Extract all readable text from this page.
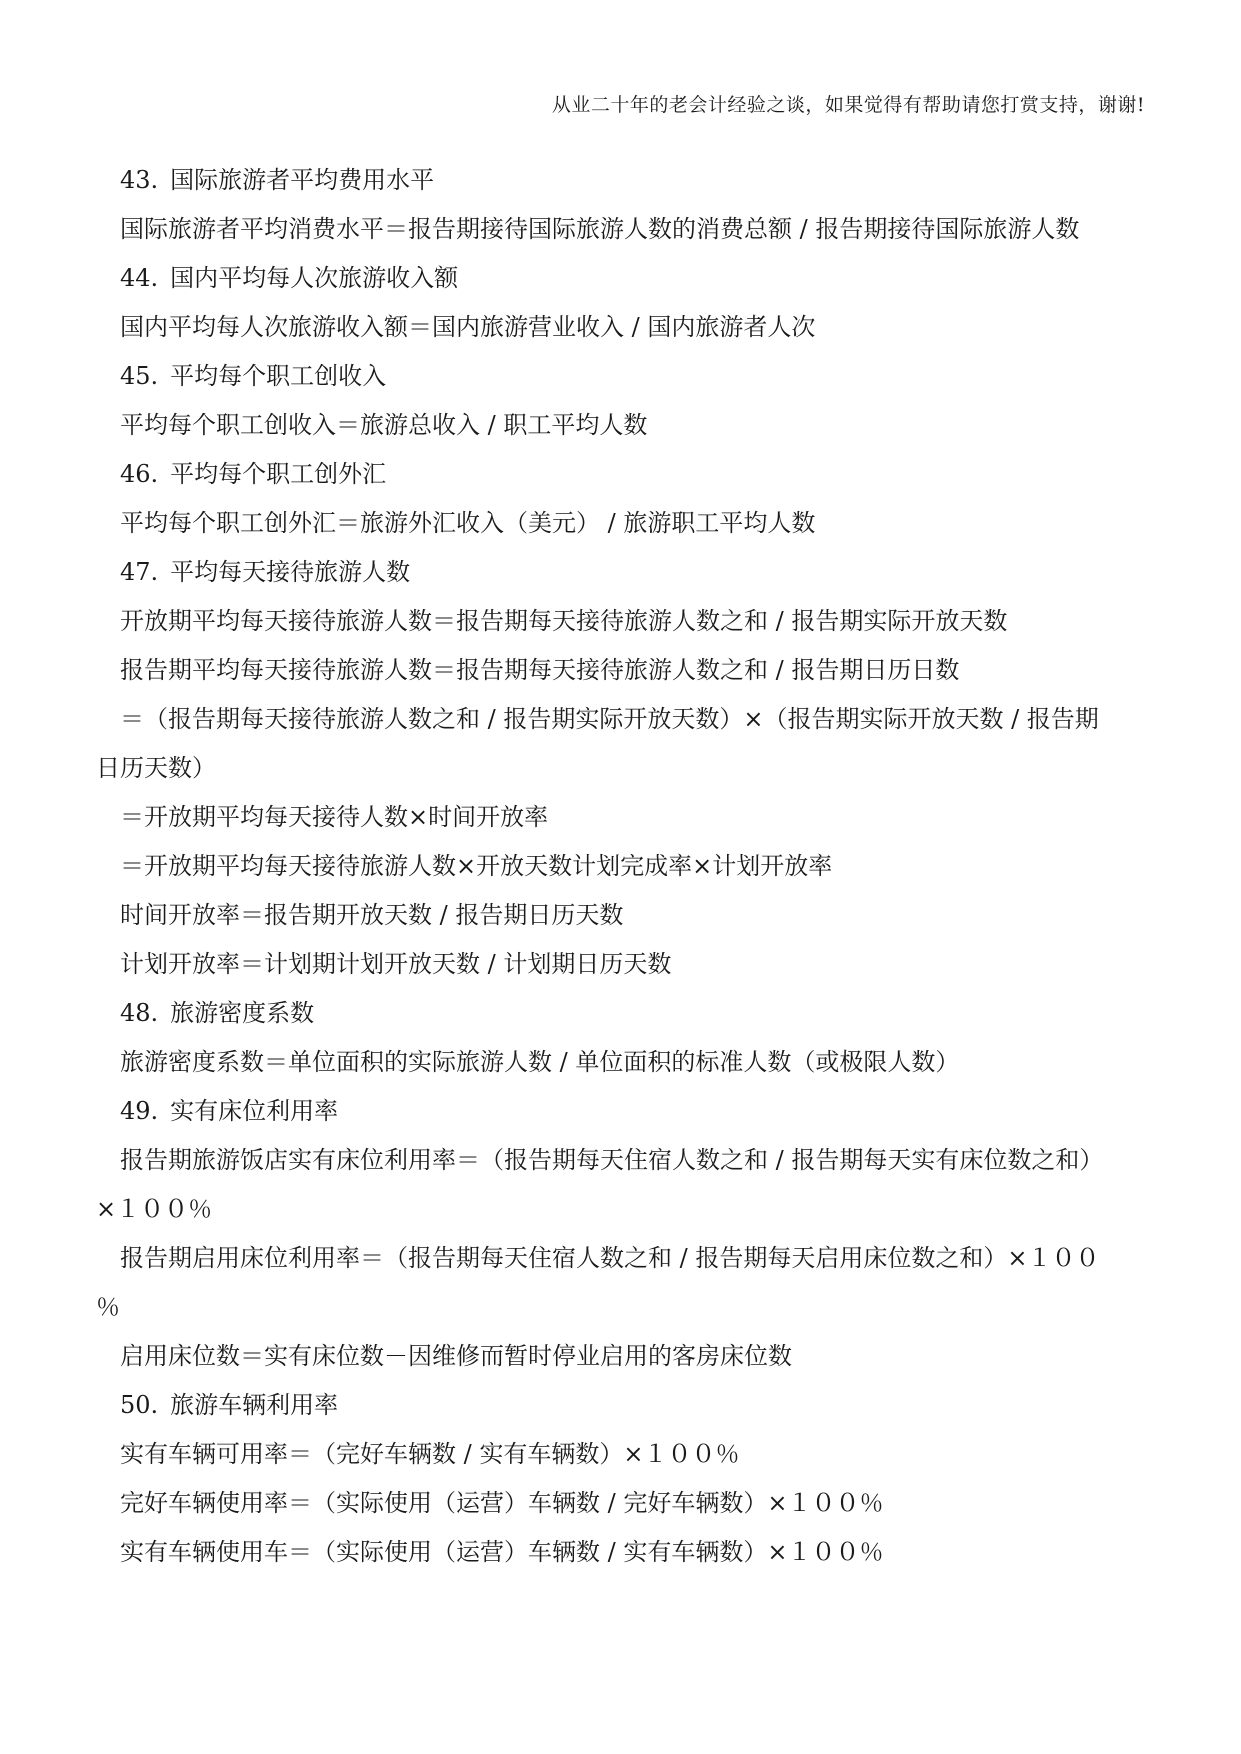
从业二十年的老会计经验之谈，如果觉得有帮助请您打赏支持，谢谢!

43. 国际旅游者平均费用水平

国际旅游者平均消费水平＝报告期接待国际旅游人数的消费总额 / 报告期接待国际旅游人数

44. 国内平均每人次旅游收入额

国内平均每人次旅游收入额＝国内旅游营业收入 / 国内旅游者人次

45. 平均每个职工创收入

平均每个职工创收入＝旅游总收入 / 职工平均人数

46. 平均每个职工创外汇

平均每个职工创外汇＝旅游外汇收入（美元） / 旅游职工平均人数

47. 平均每天接待旅游人数

开放期平均每天接待旅游人数＝报告期每天接待旅游人数之和 / 报告期实际开放天数

报告期平均每天接待旅游人数＝报告期每天接待旅游人数之和 / 报告期日历日数

＝（报告期每天接待旅游人数之和 / 报告期实际开放天数）×（报告期实际开放天数 / 报告期

日历天数）

＝开放期平均每天接待人数×时间开放率

＝开放期平均每天接待旅游人数×开放天数计划完成率×计划开放率

时间开放率＝报告期开放天数 / 报告期日历天数

计划开放率＝计划期计划开放天数 / 计划期日历天数

48. 旅游密度系数

旅游密度系数＝单位面积的实际旅游人数 / 单位面积的标准人数（或极限人数）

49. 实有床位利用率

报告期旅游饭店实有床位利用率＝（报告期每天住宿人数之和 / 报告期每天实有床位数之和）

×１００％

报告期启用床位利用率＝（报告期每天住宿人数之和 / 报告期每天启用床位数之和）×１００

％

启用床位数＝实有床位数－因维修而暂时停业启用的客房床位数

50. 旅游车辆利用率

实有车辆可用率＝（完好车辆数 / 实有车辆数）×１００％

完好车辆使用率＝（实际使用（运营）车辆数 / 完好车辆数）×１００％

实有车辆使用车＝（实际使用（运营）车辆数 / 实有车辆数）×１００％
